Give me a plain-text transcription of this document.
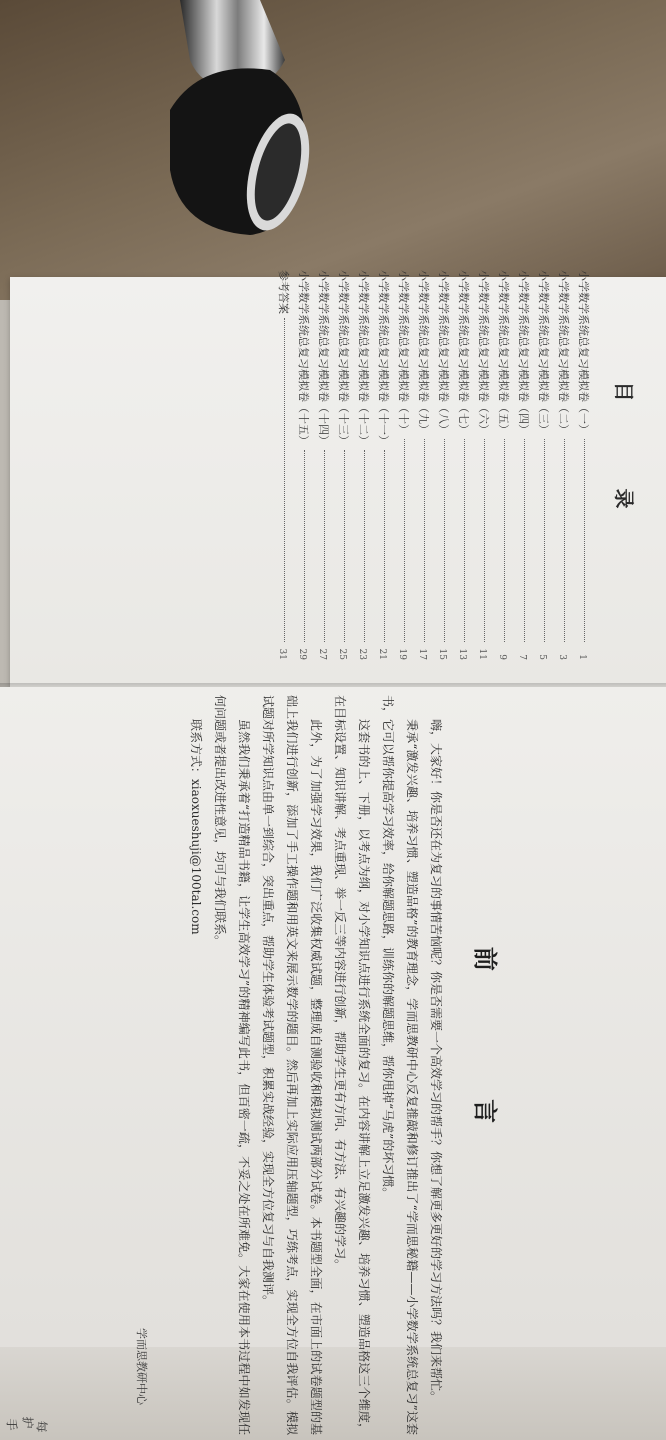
目 录
小学数学系统总复习模拟卷（一）
1
小学数学系统总复习模拟卷（二）
3
小学数学系统总复习模拟卷（三）
5
小学数学系统总复习模拟卷（四）
7
小学数学系统总复习模拟卷（五）
9
小学数学系统总复习模拟卷（六）
11
小学数学系统总复习模拟卷（七）
13
小学数学系统总复习模拟卷（八）
15
小学数学系统总复习模拟卷（九）
17
小学数学系统总复习模拟卷（十）
19
小学数学系统总复习模拟卷（十一）
21
小学数学系统总复习模拟卷（十二）
23
小学数学系统总复习模拟卷（十三）
25
小学数学系统总复习模拟卷（十四）
27
小学数学系统总复习模拟卷（十五）
29
参考答案
31
前 言

嗨，大家好！你是否还在为复习的事情苦恼呢？你是否需要一个高效学习的帮手？你想了解更多更好的学习方法吗？我们来帮忙。

秉承“激发兴趣、培养习惯、塑造品格”的教育理念，学而思教研中心反复推敲和修订推出了“学而思秘籍——小学数学系统总复习”这套书，它可以帮你提高学习效率，给你解题思路，训练你的解题思维，帮你甩掉“马虎”的坏习惯。

这套书的上、下册，以考点为纲，对小学知识点进行系统全面的复习。在内容讲解上立足激发兴趣、培养习惯、塑造品格这三个维度，在目标设置、知识讲解、考点重现、举一反三等内容进行创新，帮助学生更有方向、有方法、有兴趣的学习。

此外，为了加强学习效果，我们广泛收集权威试题，整理成自测验收和模拟测试两部分试卷。本书题型全面，在市面上的试卷题型的基础上我们进行创新，添加了手工操作题和用英文来展示数学的题目。然后再加上实际应用压轴题型，巧练考点，实现全方位自我评估。模拟试题对所学知识点由单一到综合，突出重点，帮助学生体验考试题型，积累实战经验，实现全方位复习与自我测评。

虽然我们秉承着“打造精品书籍，让学生高效学习”的精神编写此书，但百密一疏，不妥之处在所难免。大家在使用本书过程中如发现任何问题或者提出改进性意见，均可与我们联系。

联系方式：xiaoxueshuji@100tal.com

学而思教研中心
手 护 每
